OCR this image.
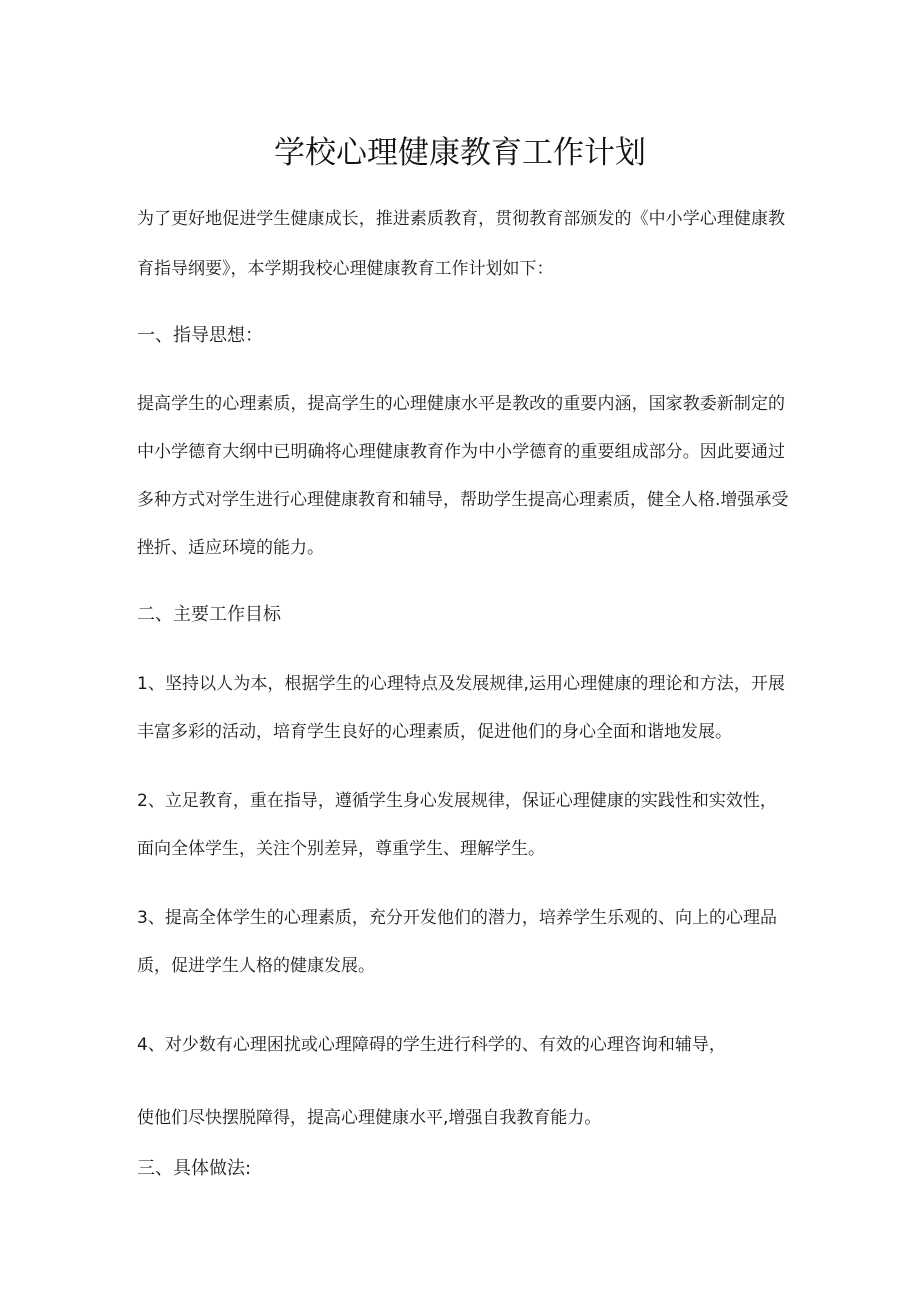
学校心理健康教育工作计划

为了更好地促进学生健康成长，推进素质教育，贯彻教育部颁发的《中小学心理健康教

育指导纲要》，本学期我校心理健康教育工作计划如下：

一、指导思想：

提高学生的心理素质，提高学生的心理健康水平是教改的重要内涵，国家教委新制定的

中小学德育大纲中已明确将心理健康教育作为中小学德育的重要组成部分。因此要通过

多种方式对学生进行心理健康教育和辅导，帮助学生提高心理素质，健全人格.增强承受

挫折、适应环境的能力。

二、主要工作目标

1、坚持以人为本，根据学生的心理特点及发展规律,运用心理健康的理论和方法，开展

丰富多彩的活动，培育学生良好的心理素质，促进他们的身心全面和谐地发展。

2、立足教育，重在指导，遵循学生身心发展规律，保证心理健康的实践性和实效性，

面向全体学生，关注个别差异，尊重学生、理解学生。

3、提高全体学生的心理素质，充分开发他们的潜力，培养学生乐观的、向上的心理品

质，促进学生人格的健康发展。

4、对少数有心理困扰或心理障碍的学生进行科学的、有效的心理咨询和辅导，

使他们尽快摆脱障得，提高心理健康水平,增强自我教育能力。

三、具体做法:
